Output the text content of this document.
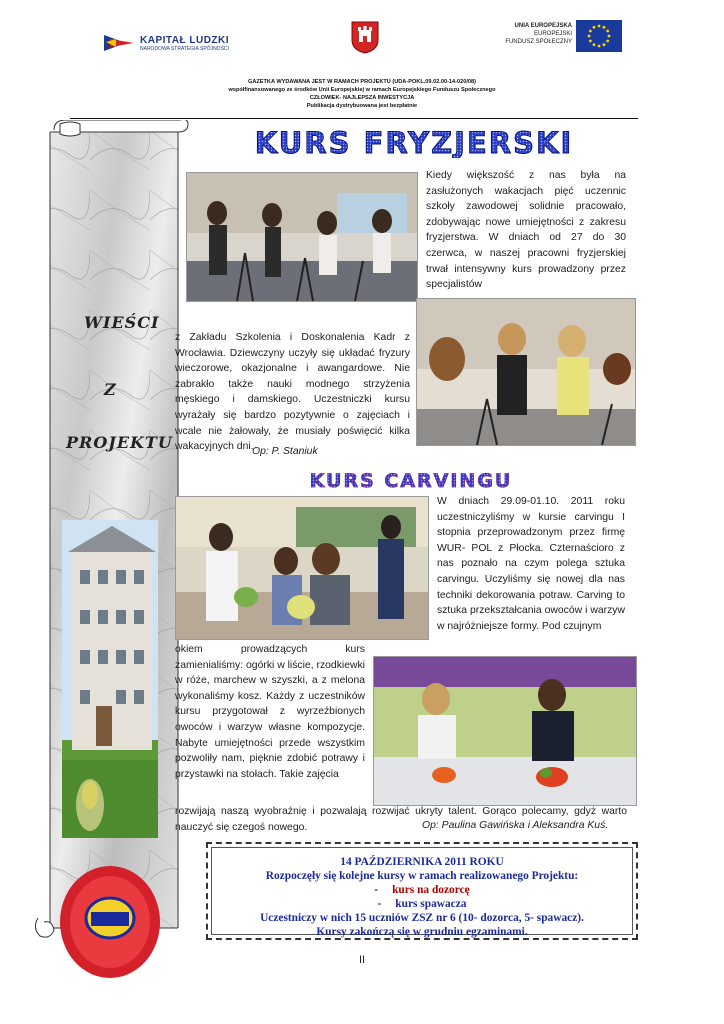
KAPITAŁ LUDZKI
NARODOWA STRATEGIA SPÓJNOŚCI
UNIA EUROPEJSKA
EUROPEJSKI
FUNDUSZ SPOŁECZNY
GAZETKA WYDAWANA JEST W RAMACH PROJEKTU (UDA-POKL.09.02.00-14-020/08)
współfinansowanego ze środków Unii Europejskiej w ramach Europejskiego Funduszu Społecznego
CZŁOWIEK- NAJLEPSZA INWESTYCJA
Publikacja dystrybuowana jest bezpłatnie
WIEŚCI
Z
PROJEKTU
KURS FRYZJERSKI

Kiedy większość z nas była na zasłużonych wakacjach pięć uczennic szkoły zawodowej solidnie pracowało, zdobywając nowe umiejętności z zakresu fryzjerstwa. W dniach od 27 do 30 czerwca, w naszej pracowni fryzjerskiej trwał intensywny kurs prowadzony przez specjalistów

z Zakładu Szkolenia i Doskonalenia Kadr z Wrocławia. Dziewczyny uczyły się układać fryzury wieczorowe, okazjonalne i awangardowe. Nie zabrakło także nauki modnego strzyżenia męskiego i damskiego. Uczestniczki kursu wyrażały się bardzo pozytywnie o zajęciach i wcale nie żałowały, że musiały poświęcić kilka wakacyjnych dni.

Op: P. Staniuk
KURS CARVINGU

W dniach 29.09-01.10. 2011 roku uczestniczyliśmy w kursie carvingu I stopnia przeprowadzonym przez firmę WUR- POL z Płocka. Czternaścioro z nas poznało na czym polega sztuka carvingu. Uczyliśmy się nowej dla nas techniki dekorowania potraw. Carving to sztuka przekształcania owoców i warzyw w najróżniejsze formy. Pod czujnym

okiem prowadzących kurs zamienialiśmy: ogórki w liście, rzodkiewki w róże, marchew w szyszki, a z melona wykonaliśmy kosz. Każdy z uczestników kursu przygotował z wyrzeźbionych owoców i warzyw własne kompozycje. Nabyte umiejętności przede wszystkim pozwoliły nam, pięknie zdobić potrawy i przystawki na stołach. Takie zajęcia

rozwijają naszą wyobraźnię i pozwalają rozwijać ukryty talent. Gorąco polecamy, gdyż warto nauczyć się czegoś nowego.	Op: Paulina Gawińska i Aleksandra Kuś.
14 PAŹDZIERNIKA 2011 ROKU
Rozpoczęły się kolejne kursy w ramach realizowanego Projektu:
- kurs na dozorcę
- kurs spawacza
Uczestniczy w nich 15 uczniów ZSZ nr 6 (10- dozorca, 5- spawacz).
Kursy zakończą się w grudniu egzaminami.
II
